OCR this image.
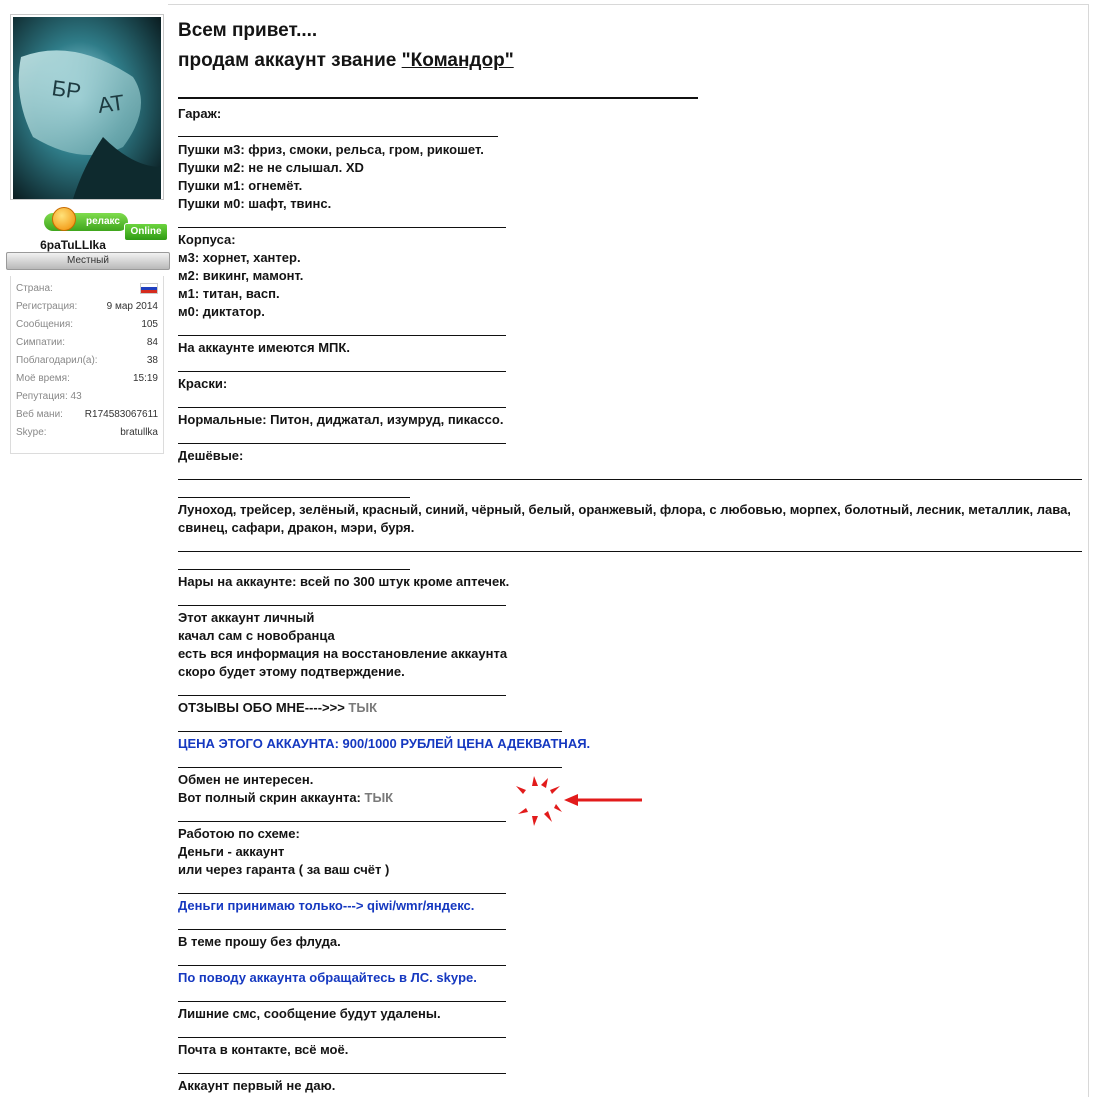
БР АТ
релакс
Online
6paTuLLIka
Местный
Страна:
Регистрация:	9 мар 2014
Сообщения:	105
Симпатии:	84
Поблагодарил(а):	38
Моё время:	15:19
Репутация: 43
Веб мани: R174583067611
Skype:	bratullka
Всем привет....
продам аккаунт звание "Командор"
Гараж:
Пушки м3: фриз, смоки, рельса, гром, рикошет.
Пушки м2: не не слышал. XD
Пушки м1: огнемёт.
Пушки м0: шафт, твинс.
Корпуса:
м3: хорнет, хантер.
м2: викинг, мамонт.
м1: титан, васп.
м0: диктатор.
На аккаунте имеются МПК.
Краски:
Нормальные: Питон, диджатал, изумруд, пикассо.
Дешёвые:
Луноход, трейсер, зелёный, красный, синий, чёрный, белый, оранжевый, флора, с любовью, морпех, болотный, лесник, металлик, лава, свинец, сафари, дракон, мэри, буря.
Нары на аккаунте: всей по 300 штук кроме аптечек.
Этот аккаунт личный
качал сам с новобранца
есть вся информация на восстановление аккаунта
скоро будет этому подтверждение.
ОТЗЫВЫ ОБО МНЕ---->>> ТЫК
ЦЕНА ЭТОГО АККАУНТА: 900/1000 РУБЛЕЙ ЦЕНА АДЕКВАТНАЯ.
Обмен не интересен.
Вот полный скрин аккаунта: ТЫК
Работою по схеме:
Деньги - аккаунт
или через гаранта ( за ваш счёт )
Деньги принимаю только---> qiwi/wmr/яндекс.
В теме прошу без флуда.
По поводу аккаунта обращайтесь в ЛС. skype.
Лишние смс, сообщение будут удалены.
Почта в контакте, всё моё.
Аккаунт первый не даю.
